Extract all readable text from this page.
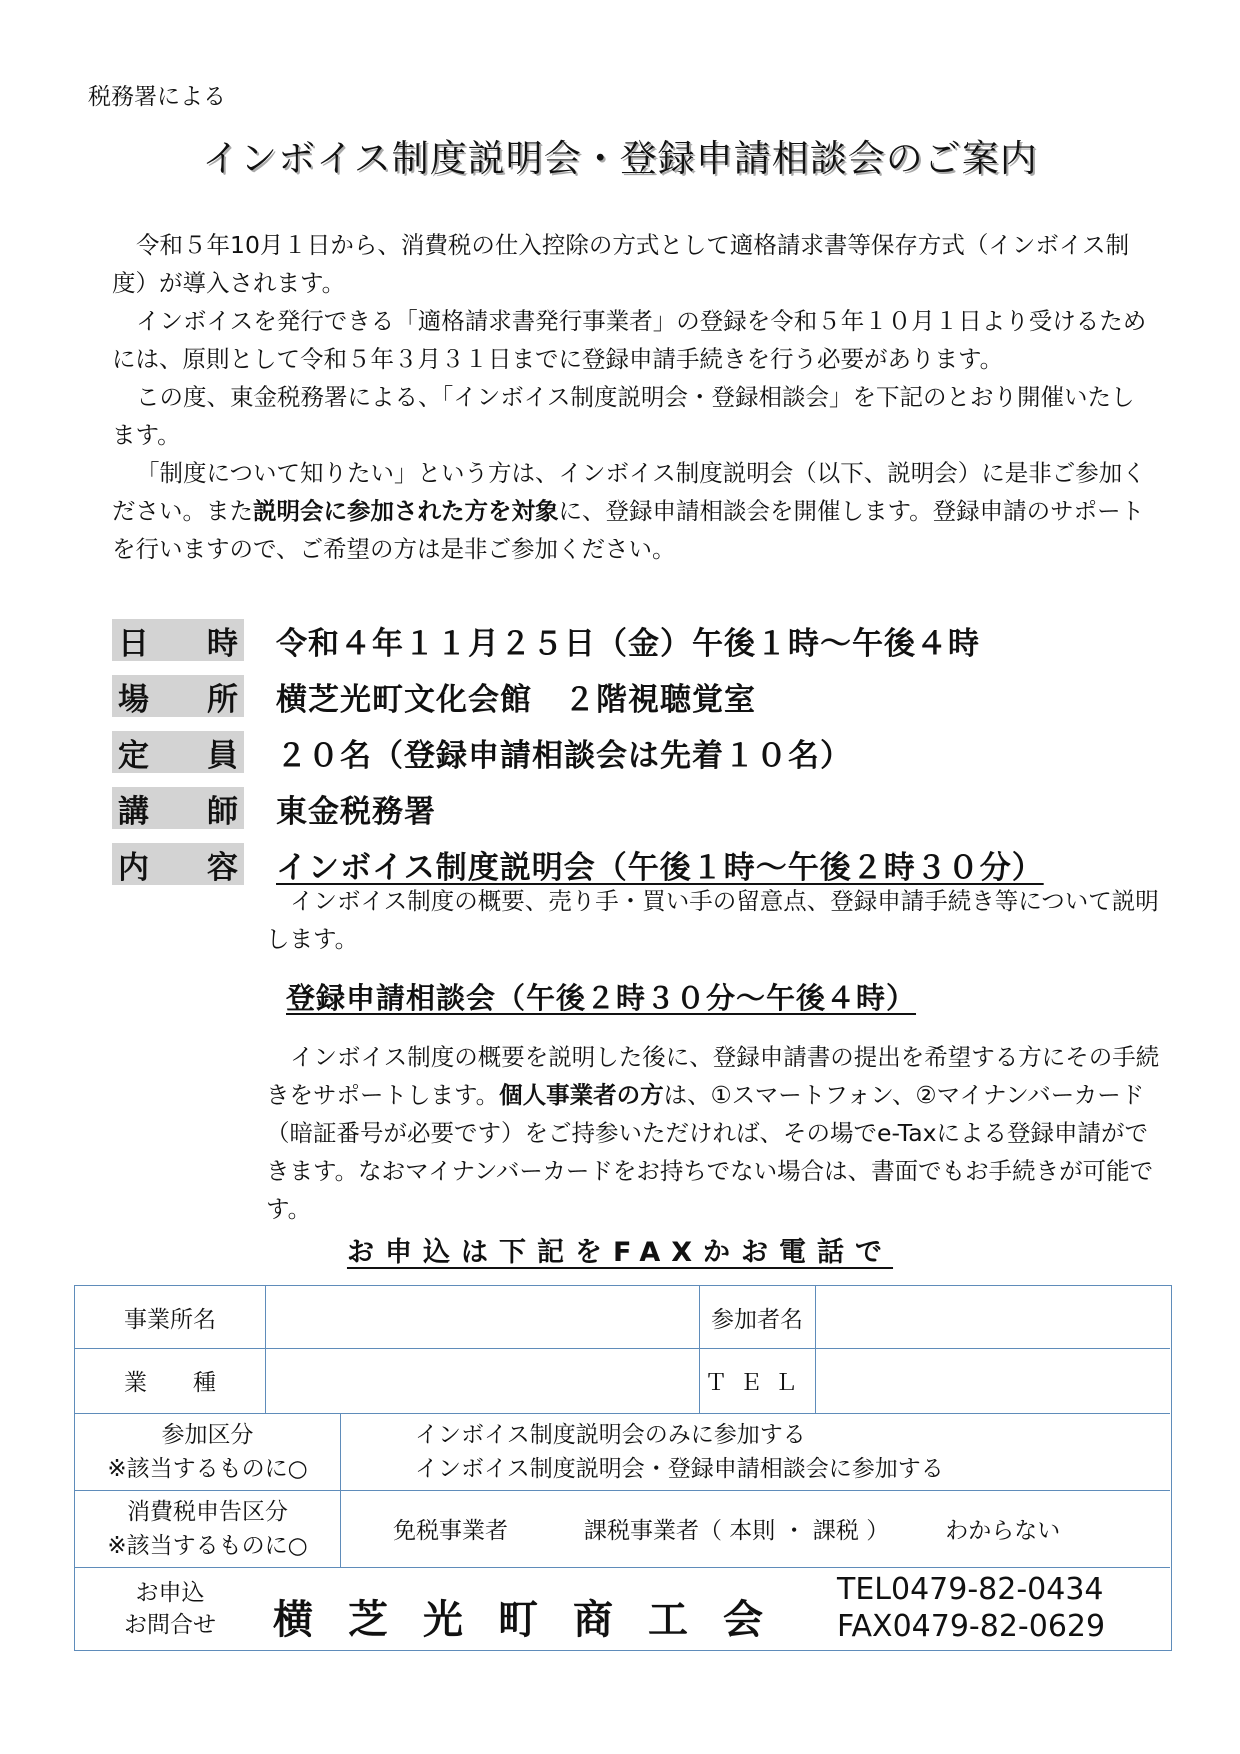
税務署による
インボイス制度説明会・登録申請相談会のご案内

令和５年10月１日から、消費税の仕入控除の方式として適格請求書等保存方式（インボイス制度）が導入されます。

インボイスを発行できる「適格請求書発行事業者」の登録を令和５年１０月１日より受けるためには、原則として令和５年３月３１日までに登録申請手続きを行う必要があります。

この度、東金税務署による、「インボイス制度説明会・登録相談会」を下記のとおり開催いたします。

「制度について知りたい」という方は、インボイス制度説明会（以下、説明会）に是非ご参加ください。また説明会に参加された方を対象に、登録申請相談会を開催します。登録申請のサポートを行いますので、ご希望の方は是非ご参加ください。

日 時 令和４年１１月２５日（金）午後１時～午後４時
場 所 横芝光町文化会館　２階視聴覚室
定 員 ２０名（登録申請相談会は先着１０名）
講 師 東金税務署
内 容 インボイス制度説明会（午後１時～午後２時３０分）

インボイス制度の概要、売り手・買い手の留意点、登録申請手続き等について説明します。

登録申請相談会（午後２時３０分～午後４時）

インボイス制度の概要を説明した後に、登録申請書の提出を希望する方にその手続きをサポートします。個人事業者の方は、①スマートフォン、②マイナンバーカード（暗証番号が必要です）をご持参いただければ、その場でe-Taxによる登録申請ができます。なおマイナンバーカードをお持ちでない場合は、書面でもお手続きが可能です。

お申込は下記をFAXかお電話で
事業所名	参加者名
業　　種	ＴＥＬ
参加区分
※該当するものに○
インボイス制度説明会のみに参加する
インボイス制度説明会・登録申請相談会に参加する
消費税申告区分
※該当するものに○
免税事業者	課税事業者（ 本則 ・ 課税 ） わからない
お申込
お問合せ 横芝光町商工会
TEL0479-82-0434
FAX0479-82-0629
